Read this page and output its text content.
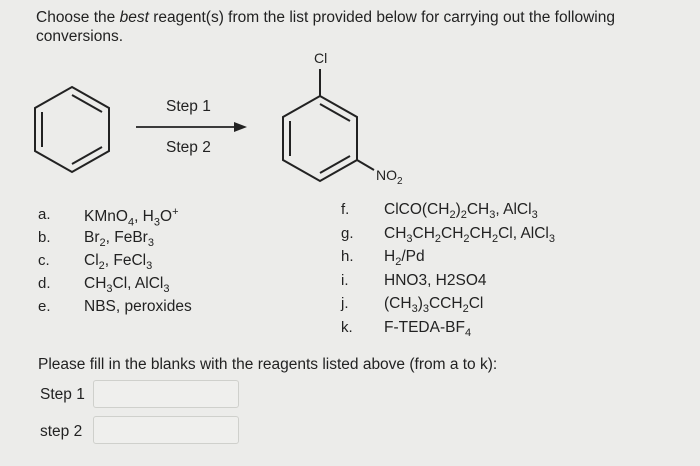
Choose the best reagent(s) from the list provided below for carrying out the following conversions.
Step 1
Step 2
Cl
$NO_2$
a. KMnO$_4$, $H_3O^+$
b. $Br_2$, FeBr$_3$
c. $Cl_2$, FeCl$_3$
d. $CH_3Cl$, AlCl$_3$
e. NBS, peroxides
f. $ClCO(CH_2)_2CH_3$, AlCl$_3$
g. $CH_3CH_2CH_2CH_2Cl$, AlCl$_3$
h. $H_2/Pd$
i. HNO3, H2SO4
j. $(CH_3)_3CCH_2Cl$
k. $F-TEDA-BF_4$
Please fill in the blanks with the reagents listed above (from a to k):
Step 1
step 2
